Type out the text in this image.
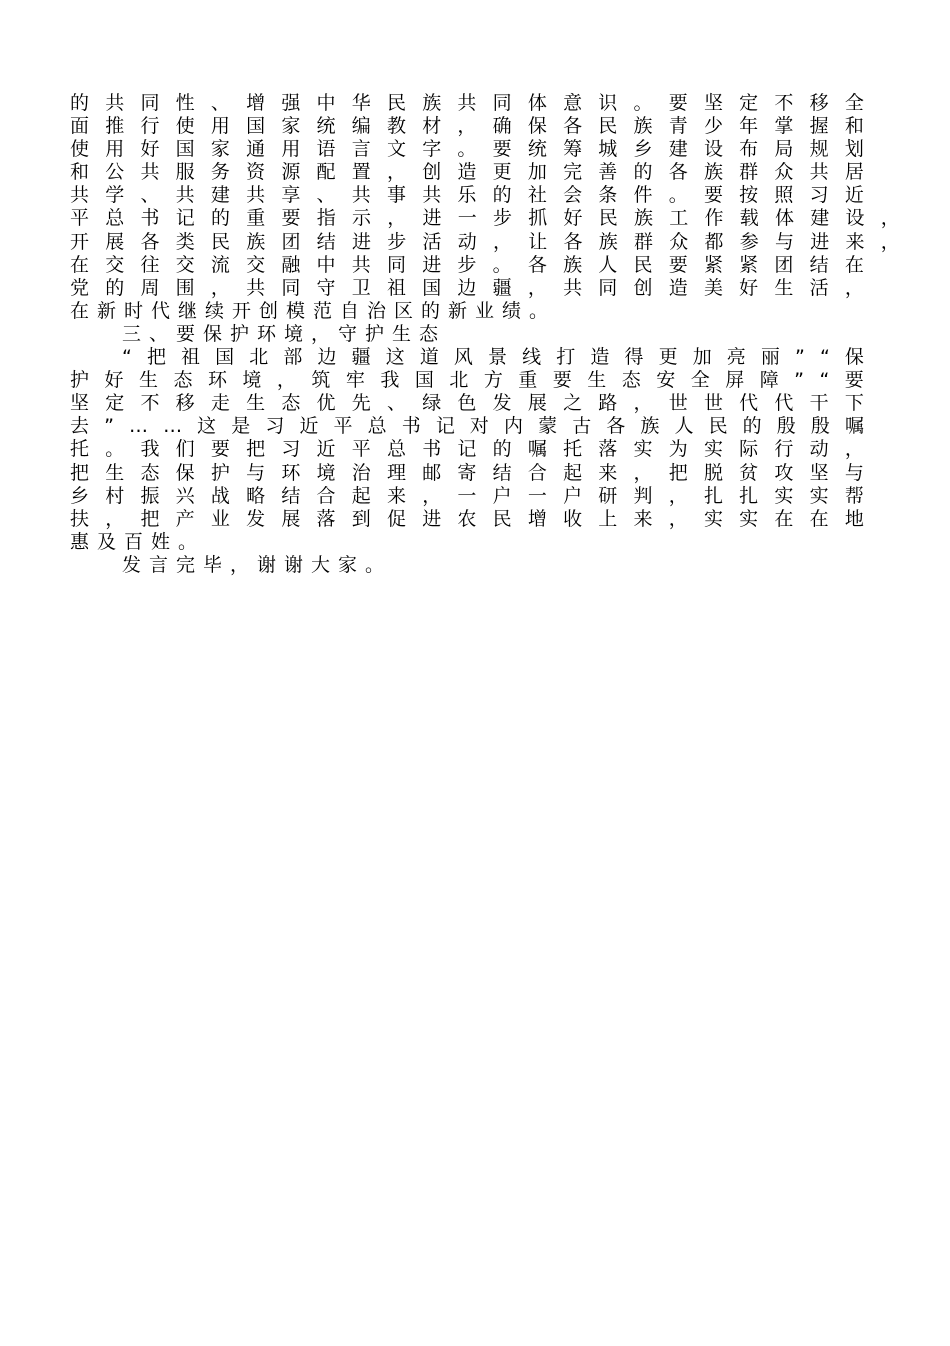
的 共 同 性 、 增 强 中 华 民 族 共 同 体 意 识 。 要 坚 定 不 移 全
面 推 行 使 用 国 家 统 编 教 材 ， 确 保 各 民 族 青 少 年 掌 握 和
使 用 好 国 家 通 用 语 言 文 字 。 要 统 筹 城 乡 建 设 布 局 规 划
和 公 共 服 务 资 源 配 置 ， 创 造 更 加 完 善 的 各 族 群 众 共 居
共 学 、 共 建 共 享 、 共 事 共 乐 的 社 会 条 件 。 要 按 照 习 近
平 总 书 记 的 重 要 指 示 ， 进 一 步 抓 好 民 族 工 作 载 体 建 设 ，
开 展 各 类 民 族 团 结 进 步 活 动 ， 让 各 族 群 众 都 参 与 进 来 ，
在 交 往 交 流 交 融 中 共 同 进 步 。 各 族 人 民 要 紧 紧 团 结 在
党 的 周 围 ， 共 同 守 卫 祖 国 边 疆 ， 共 同 创 造 美 好 生 活 ，
在新时代继续开创模范自治区的新业绩。
三、要保护环境，守护生态
“ 把 祖 国 北 部 边 疆 这 道 风 景 线 打 造 得 更 加 亮 丽 ” “ 保
护 好 生 态 环 境 ， 筑 牢 我 国 北 方 重 要 生 态 安 全 屏 障 ” “ 要
坚 定 不 移 走 生 态 优 先 、 绿 色 发 展 之 路 ， 世 世 代 代 干 下
去 ” … … 这 是 习 近 平 总 书 记 对 内 蒙 古 各 族 人 民 的 殷 殷 嘱
托 。 我 们 要 把 习 近 平 总 书 记 的 嘱 托 落 实 为 实 际 行 动 ，
把 生 态 保 护 与 环 境 治 理 邮 寄 结 合 起 来 ， 把 脱 贫 攻 坚 与
乡 村 振 兴 战 略 结 合 起 来 ， 一 户 一 户 研 判 ， 扎 扎 实 实 帮
扶 ， 把 产 业 发 展 落 到 促 进 农 民 增 收 上 来 ， 实 实 在 在 地
惠及百姓。
发言完毕，谢谢大家。
